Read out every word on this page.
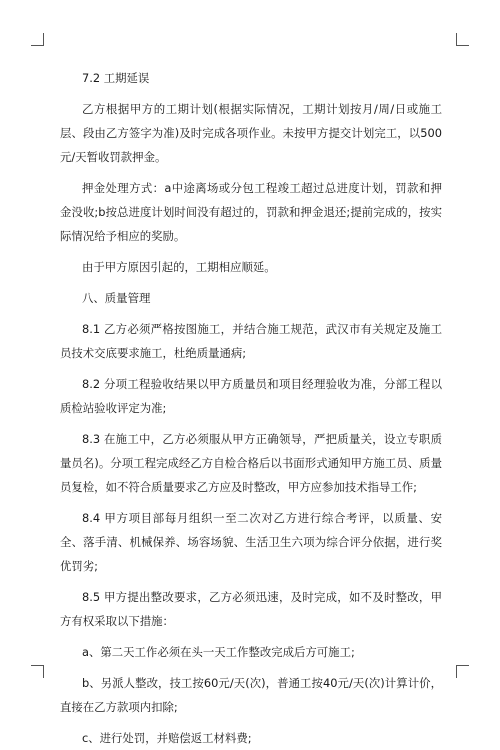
7.2 工期延误

乙方根据甲方的工期计划(根据实际情况，工期计划按月/周/日或施工层、段由乙方签字为准)及时完成各项作业。未按甲方提交计划完工，以500元/天暂收罚款押金。

押金处理方式：a中途离场或分包工程竣工超过总进度计划，罚款和押金没收;b按总进度计划时间没有超过的，罚款和押金退还;提前完成的，按实际情况给予相应的奖励。

由于甲方原因引起的，工期相应顺延。

八、质量管理

8.1 乙方必须严格按图施工，并结合施工规范，武汉市有关规定及施工员技术交底要求施工，杜绝质量通病;

8.2 分项工程验收结果以甲方质量员和项目经理验收为准，分部工程以质检站验收评定为准;

8.3 在施工中，乙方必须服从甲方正确领导，严把质量关，设立专职质量员名)。分项工程完成经乙方自检合格后以书面形式通知甲方施工员、质量员复检，如不符合质量要求乙方应及时整改，甲方应参加技术指导工作;

8.4 甲方项目部每月组织一至二次对乙方进行综合考评，以质量、安全、落手清、机械保养、场容场貌、生活卫生六项为综合评分依据，进行奖优罚劣;

8.5 甲方提出整改要求，乙方必须迅速，及时完成，如不及时整改，甲方有权采取以下措施：

a、第二天工作必须在头一天工作整改完成后方可施工;

b、另派人整改，技工按60元/天(次)，普通工按40元/天(次)计算计价，直接在乙方款项内扣除;

c、进行处罚，并赔偿返工材料费;
